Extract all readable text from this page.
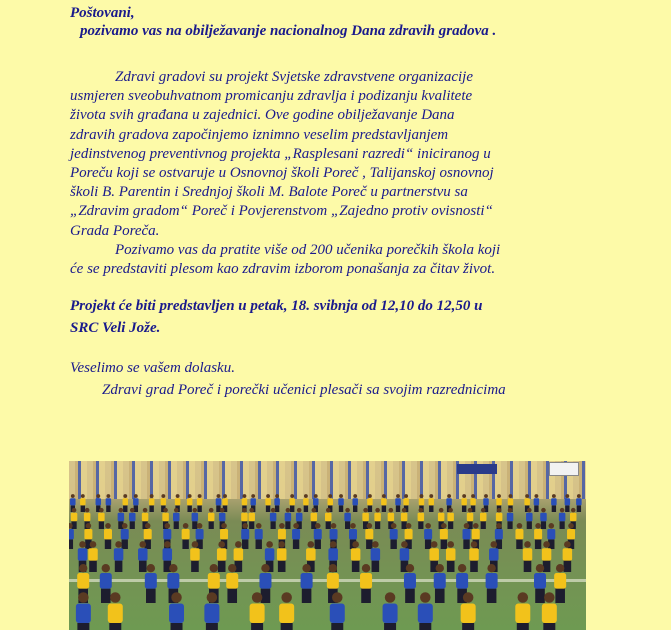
Poštovani,

pozivamo vas na obilježavanje nacionalnog Dana zdravih gradova .

Zdravi gradovi su projekt Svjetske zdravstvene organizacije
usmjeren sveobuhvatnom promicanju zdravlja i podizanju kvalitete
života svih građana u zajednici. Ove godine obilježavanje Dana
zdravih gradova započinjemo iznimno veselim predstavljanjem
jedinstvenog preventivnog projekta „Rasplesani razredi“ iniciranog u
Poreču koji se ostvaruje u Osnovnoj školi Poreč , Talijanskoj osnovnoj
školi B. Parentin i Srednjoj školi M. Balote Poreč u partnerstvu sa
„Zdravim gradom“ Poreč i Povjerenstvom „Zajedno protiv ovisnosti“
Grada Poreča.

Pozivamo vas da pratite više od 200 učenika porečkih škola koji
će se predstaviti plesom kao zdravim izborom ponašanja za čitav život.

Projekt će biti predstavljen u petak, 18. svibnja od 12,10 do 12,50 u
SRC Veli Jože.

Veselimo se vašem dolasku.

Zdravi grad Poreč i porečki učenici plesači sa svojim razrednicima
